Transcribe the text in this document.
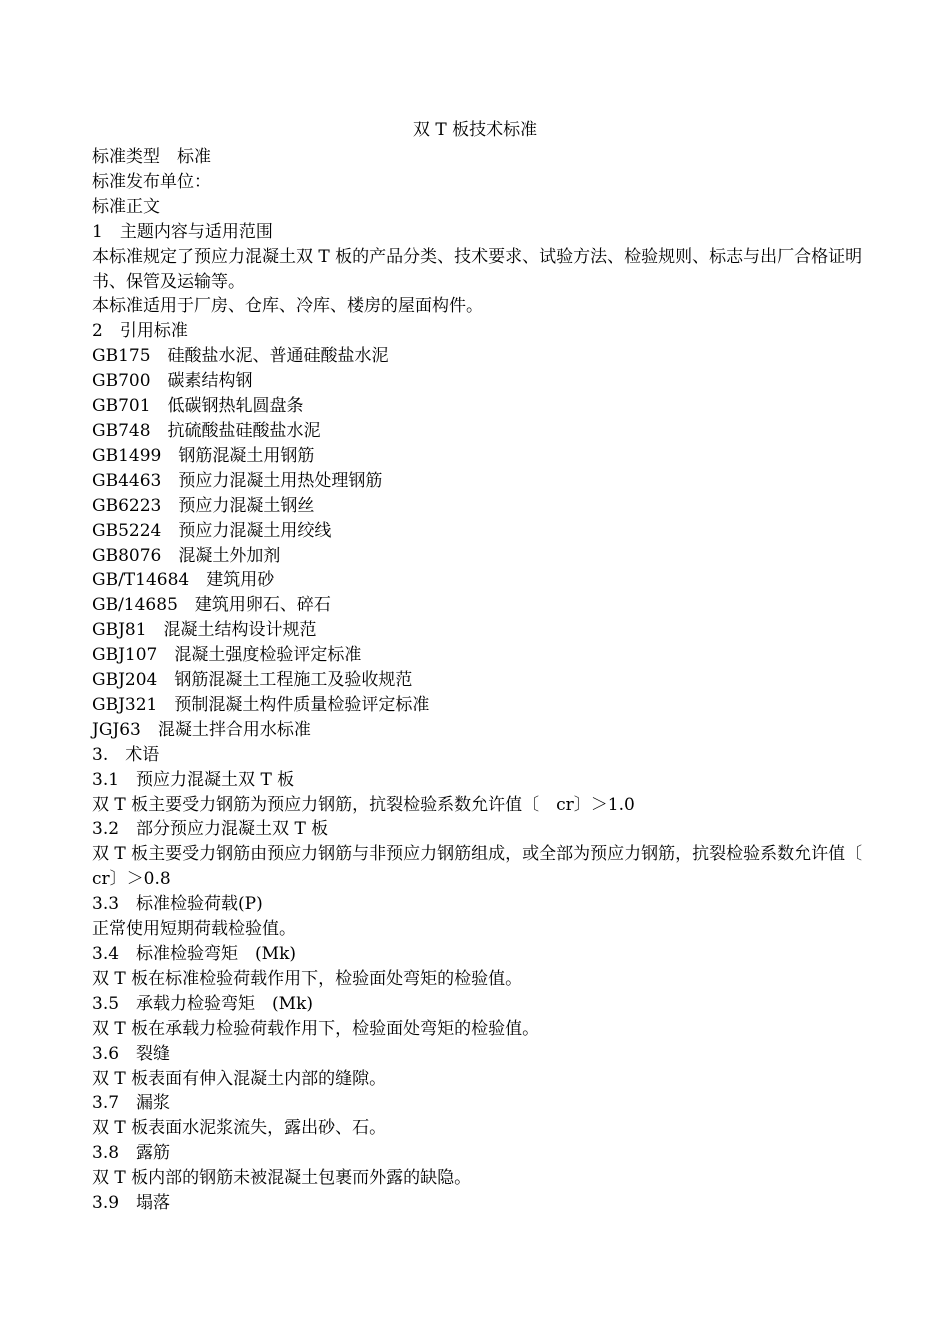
双 T 板技术标准

标准类型　标准

标准发布单位：

标准正文

1　主题内容与适用范围

本标准规定了预应力混凝土双 T 板的产品分类、技术要求、试验方法、检验规则、标志与出厂合格证明书、保管及运输等。

本标准适用于厂房、仓库、冷库、楼房的屋面构件。

2　引用标准

GB175　硅酸盐水泥、普通硅酸盐水泥

GB700　碳素结构钢

GB701　低碳钢热轧圆盘条

GB748　抗硫酸盐硅酸盐水泥

GB1499　钢筋混凝土用钢筋

GB4463　预应力混凝土用热处理钢筋

GB6223　预应力混凝土钢丝

GB5224　预应力混凝土用绞线

GB8076　混凝土外加剂

GB/T14684　建筑用砂

GB/14685　建筑用卵石、碎石

GBJ81　混凝土结构设计规范

GBJ107　混凝土强度检验评定标准

GBJ204　钢筋混凝土工程施工及验收规范

GBJ321　预制混凝土构件质量检验评定标准

JGJ63　混凝土拌合用水标准

3.　术语

3.1　预应力混凝土双 T 板

双 T 板主要受力钢筋为预应力钢筋，抗裂检验系数允许值〔　cr〕＞1.0

3.2　部分预应力混凝土双 T 板

双 T 板主要受力钢筋由预应力钢筋与非预应力钢筋组成，或全部为预应力钢筋，抗裂检验系数允许值〔　cr〕＞0.8

3.3　标准检验荷载(P)

正常使用短期荷载检验值。

3.4　标准检验弯矩　(Mk)

双 T 板在标准检验荷载作用下，检验面处弯矩的检验值。

3.5　承载力检验弯矩　(Mk)

双 T 板在承载力检验荷载作用下，检验面处弯矩的检验值。

3.6　裂缝

双 T 板表面有伸入混凝土内部的缝隙。

3.7　漏浆

双 T 板表面水泥浆流失，露出砂、石。

3.8　露筋

双 T 板内部的钢筋未被混凝土包裹而外露的缺隐。

3.9　塌落
